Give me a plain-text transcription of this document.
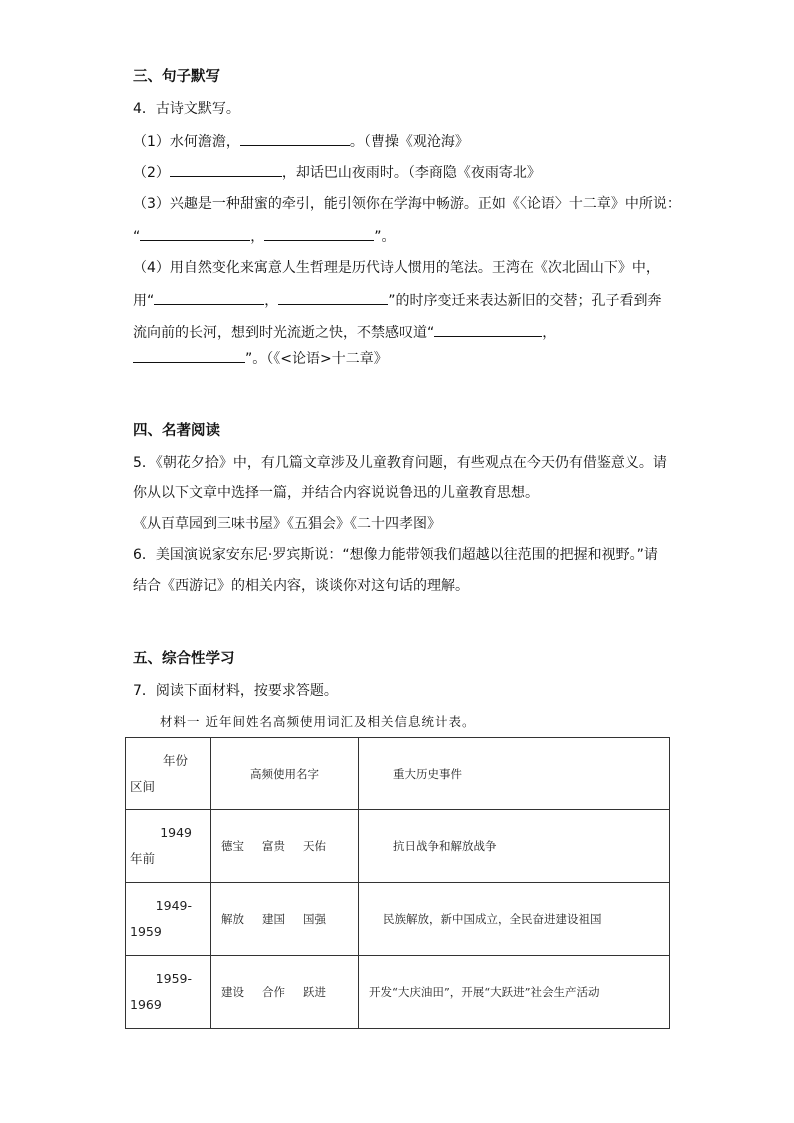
三、句子默写
4．古诗文默写。
（1）水何澹澹，	。（曹操《观沧海》
（2）	，却话巴山夜雨时。（李商隐《夜雨寄北》
（3）兴趣是一种甜蜜的牵引，能引领你在学海中畅游。正如《〈论语〉十二章》中所说：
“	，	”。
（4）用自然变化来寓意人生哲理是历代诗人惯用的笔法。王湾在《次北固山下》中，
用“	，	”的时序变迁来表达新旧的交替；孔子看到奔
流向前的长河，想到时光流逝之快，不禁感叹道“	，
”。（《<论语>十二章》
四、名著阅读
5．《朝花夕拾》中，有几篇文章涉及儿童教育问题，有些观点在今天仍有借鉴意义。请
你从以下文章中选择一篇，并结合内容说说鲁迅的儿童教育思想。
《从百草园到三味书屋》《五猖会》《二十四孝图》
6．美国演说家安东尼·罗宾斯说：“想像力能带领我们超越以往范围的把握和视野。”请
结合《西游记》的相关内容，谈谈你对这句话的理解。
五、综合性学习
7．阅读下面材料，按要求答题。
材料一 近年间姓名高频使用词汇及相关信息统计表。
年份
区间	高频使用名字	重大历史事件

1949
年前	德宝 富贵 天佑	抗日战争和解放战争

1949-
1959	解放 建国 国强	民族解放，新中国成立，全民奋进建设祖国

1959-
1969	建设 合作 跃进	开发“大庆油田”，开展“大跃进”社会生产活动
